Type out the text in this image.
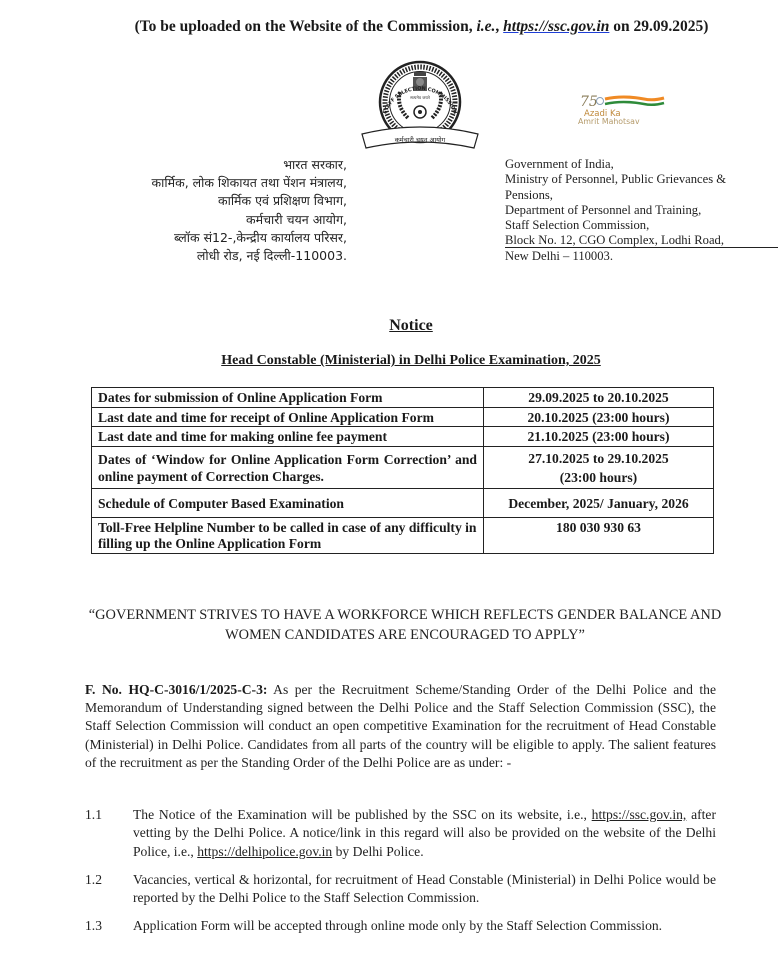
(To be uploaded on the Website of the Commission, i.e., https://ssc.gov.in on 29.09.2025)
सत्यमेव जयते
कर्मचारी चयन आयोग
STAFF SELECTION COMMISSION
75
Azadi Ka
Amrit Mahotsav
भारत सरकार,
कार्मिक, लोक शिकायत तथा पेंशन मंत्रालय,
कार्मिक एवं प्रशिक्षण विभाग,
कर्मचारी चयन आयोग,
ब्लॉक सं12-,केन्द्रीय कार्यालय परिसर,
लोधी रोड, नई दिल्ली-110003.
Government of India,
Ministry of Personnel, Public Grievances &
Pensions,
Department of Personnel and Training,
Staff Selection Commission,
Block No. 12, CGO Complex, Lodhi Road,
New Delhi – 110003.
Notice
Head Constable (Ministerial) in Delhi Police Examination, 2025
Dates for submission of Online Application Form	29.09.2025 to 20.10.2025
Last date and time for receipt of Online Application Form	20.10.2025 (23:00 hours)
Last date and time for making online fee payment	21.10.2025 (23:00 hours)
Dates of ‘Window for Online Application Form Correction’ and online payment of Correction Charges.	27.10.2025 to 29.10.2025
(23:00 hours)

Schedule of Computer Based Examination	December, 2025/ January, 2026
Toll-Free Helpline Number to be called in case of any difficulty in filling up the Online Application Form	180 030 930 63
“GOVERNMENT STRIVES TO HAVE A WORKFORCE WHICH REFLECTS GENDER BALANCE AND WOMEN CANDIDATES ARE ENCOURAGED TO APPLY”
F. No. HQ-C-3016/1/2025-C-3: As per the Recruitment Scheme/Standing Order of the Delhi Police and the Memorandum of Understanding signed between the Delhi Police and the Staff Selection Commission (SSC), the Staff Selection Commission will conduct an open competitive Examination for the recruitment of Head Constable (Ministerial) in Delhi Police. Candidates from all parts of the country will be eligible to apply. The salient features of the recruitment as per the Standing Order of the Delhi Police are as under: -
1.1	The Notice of the Examination will be published by the SSC on its website, i.e., https://ssc.gov.in, after vetting by the Delhi Police. A notice/link in this regard will also be provided on the website of the Delhi Police, i.e., https://delhipolice.gov.in by Delhi Police.
1.2	Vacancies, vertical & horizontal, for recruitment of Head Constable (Ministerial) in Delhi Police would be reported by the Delhi Police to the Staff Selection Commission.
1.3	Application Form will be accepted through online mode only by the Staff Selection Commission.
